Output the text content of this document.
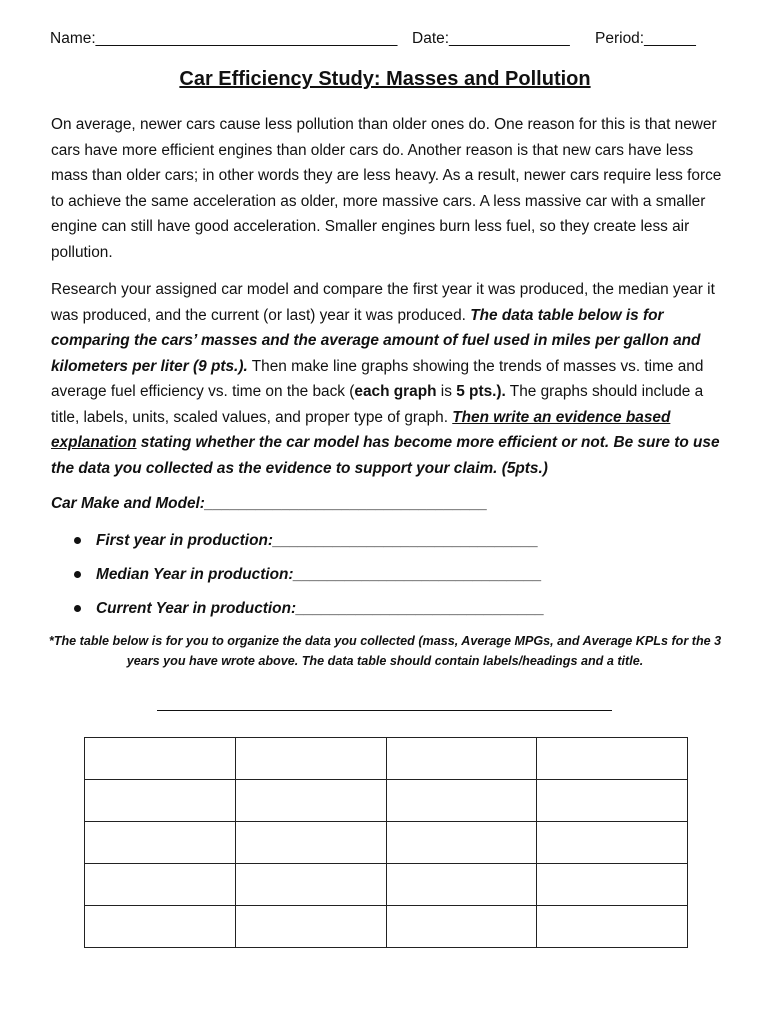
Name:___________________________________ Date:______________ Period:______
Car Efficiency Study: Masses and Pollution
On average, newer cars cause less pollution than older ones do. One reason for this is that newer cars have more efficient engines than older cars do. Another reason is that new cars have less mass than older cars; in other words they are less heavy. As a result, newer cars require less force to achieve the same acceleration as older, more massive cars. A less massive car with a smaller engine can still have good acceleration. Smaller engines burn less fuel, so they create less air pollution.
Research your assigned car model and compare the first year it was produced, the median year it was produced, and the current (or last) year it was produced. The data table below is for comparing the cars’ masses and the average amount of fuel used in miles per gallon and kilometers per liter (9 pts.). Then make line graphs showing the trends of masses vs. time and average fuel efficiency vs. time on the back (each graph is 5 pts.). The graphs should include a title, labels, units, scaled values, and proper type of graph. Then write an evidence based explanation stating whether the car model has become more efficient or not. Be sure to use the data you collected as the evidence to support your claim. (5pts.)
Car Make and Model:_________________________________
First year in production:_______________________________
Median Year in production:_____________________________
Current Year in production:_____________________________
*The table below is for you to organize the data you collected (mass, Average MPGs, and Average KPLs for the 3 years you have wrote above. The data table should contain labels/headings and a title.
